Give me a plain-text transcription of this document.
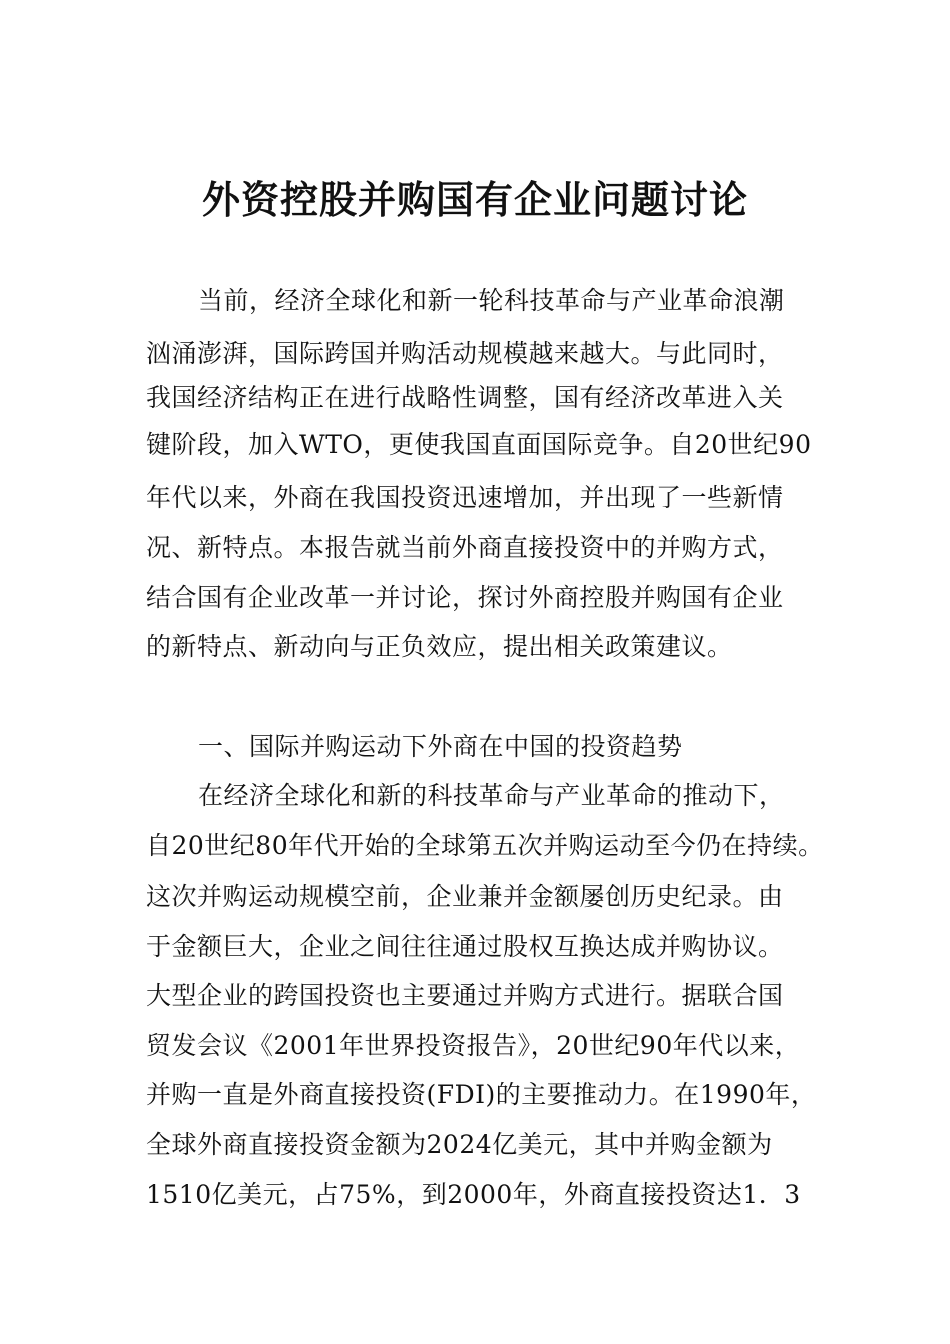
外资控股并购国有企业问题讨论

当前，经济全球化和新一轮科技革命与产业革命浪潮

汹涌澎湃，国际跨国并购活动规模越来越大。与此同时，

我国经济结构正在进行战略性调整，国有经济改革进入关

键阶段，加入WTO，更使我国直面国际竞争。自20世纪90

年代以来，外商在我国投资迅速增加，并出现了一些新情

况、新特点。本报告就当前外商直接投资中的并购方式，

结合国有企业改革一并讨论，探讨外商控股并购国有企业

的新特点、新动向与正负效应，提出相关政策建议。

一、国际并购运动下外商在中国的投资趋势

在经济全球化和新的科技革命与产业革命的推动下，

自20世纪80年代开始的全球第五次并购运动至今仍在持续。

这次并购运动规模空前，企业兼并金额屡创历史纪录。由

于金额巨大，企业之间往往通过股权互换达成并购协议。

大型企业的跨国投资也主要通过并购方式进行。据联合国

贸发会议《2001年世界投资报告》，20世纪90年代以来，

并购一直是外商直接投资(FDI)的主要推动力。在1990年，

全球外商直接投资金额为2024亿美元，其中并购金额为

1510亿美元，占75%，到2000年，外商直接投资达1．3
